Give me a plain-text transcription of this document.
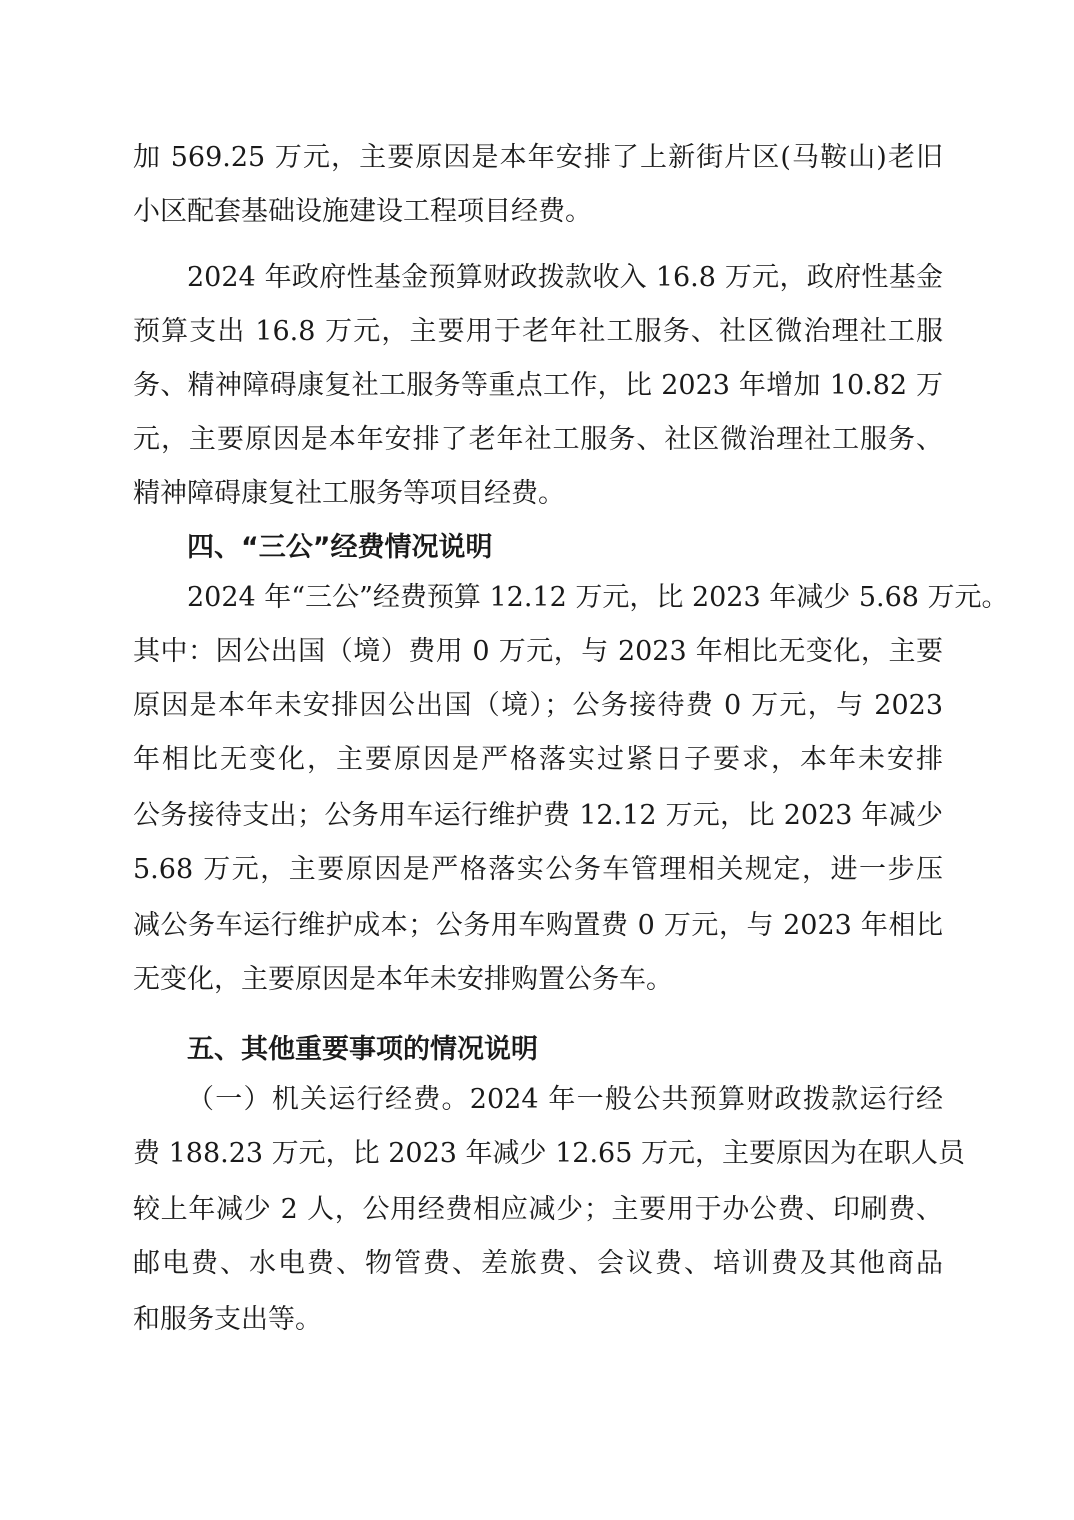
加 569.25 万元，主要原因是本年安排了上新街片区(马鞍山)老旧
小区配套基础设施建设工程项目经费。
2024 年政府性基金预算财政拨款收入 16.8 万元，政府性基金
预算支出 16.8 万元，主要用于老年社工服务、社区微治理社工服
务、精神障碍康复社工服务等重点工作，比 2023 年增加 10.82 万
元，主要原因是本年安排了老年社工服务、社区微治理社工服务、
精神障碍康复社工服务等项目经费。
四、“三公”经费情况说明
2024 年“三公”经费预算 12.12 万元，比 2023 年减少 5.68 万元。
其中：因公出国（境）费用 0 万元，与 2023 年相比无变化，主要
原因是本年未安排因公出国（境）；公务接待费 0 万元，与 2023
年相比无变化，主要原因是严格落实过紧日子要求，本年未安排
公务接待支出；公务用车运行维护费 12.12 万元，比 2023 年减少
5.68 万元，主要原因是严格落实公务车管理相关规定，进一步压
减公务车运行维护成本；公务用车购置费 0 万元，与 2023 年相比
无变化，主要原因是本年未安排购置公务车。
五、其他重要事项的情况说明
（一）机关运行经费。2024 年一般公共预算财政拨款运行经
费 188.23 万元，比 2023 年减少 12.65 万元，主要原因为在职人员
较上年减少 2 人，公用经费相应减少；主要用于办公费、印刷费、
邮电费、水电费、物管费、差旅费、会议费、培训费及其他商品
和服务支出等。
